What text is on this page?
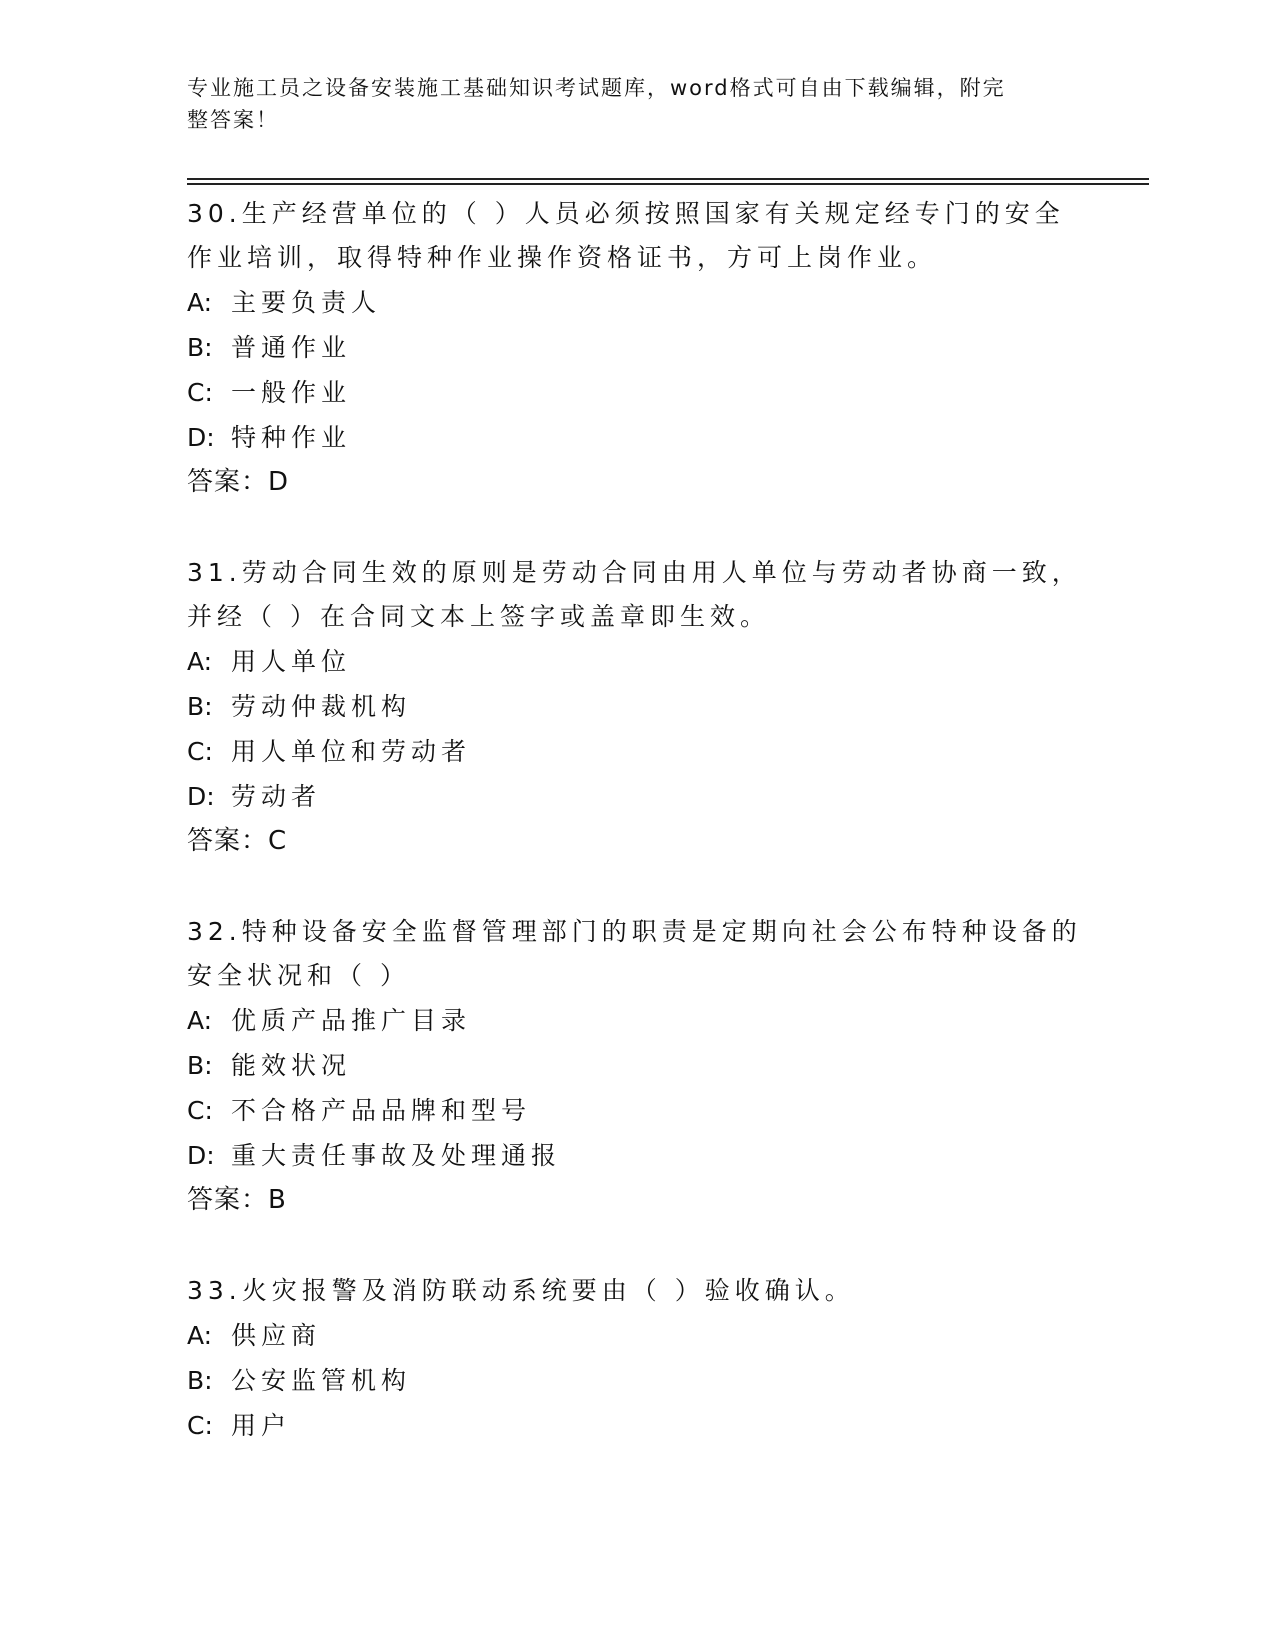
专业施工员之设备安装施工基础知识考试题库，word格式可自由下载编辑，附完
整答案！

30.生产经营单位的（ ）人员必须按照国家有关规定经专门的安全作业培训，取得特种作业操作资格证书，方可上岗作业。

A: 主要负责人

B: 普通作业

C: 一般作业

D: 特种作业

答案：D

31.劳动合同生效的原则是劳动合同由用人单位与劳动者协商一致，并经（ ）在合同文本上签字或盖章即生效。

A: 用人单位

B: 劳动仲裁机构

C: 用人单位和劳动者

D: 劳动者

答案：C

32.特种设备安全监督管理部门的职责是定期向社会公布特种设备的安全状况和（ ）

A: 优质产品推广目录

B: 能效状况

C: 不合格产品品牌和型号

D: 重大责任事故及处理通报

答案：B

33.火灾报警及消防联动系统要由（ ）验收确认。

A: 供应商

B: 公安监管机构

C: 用户
